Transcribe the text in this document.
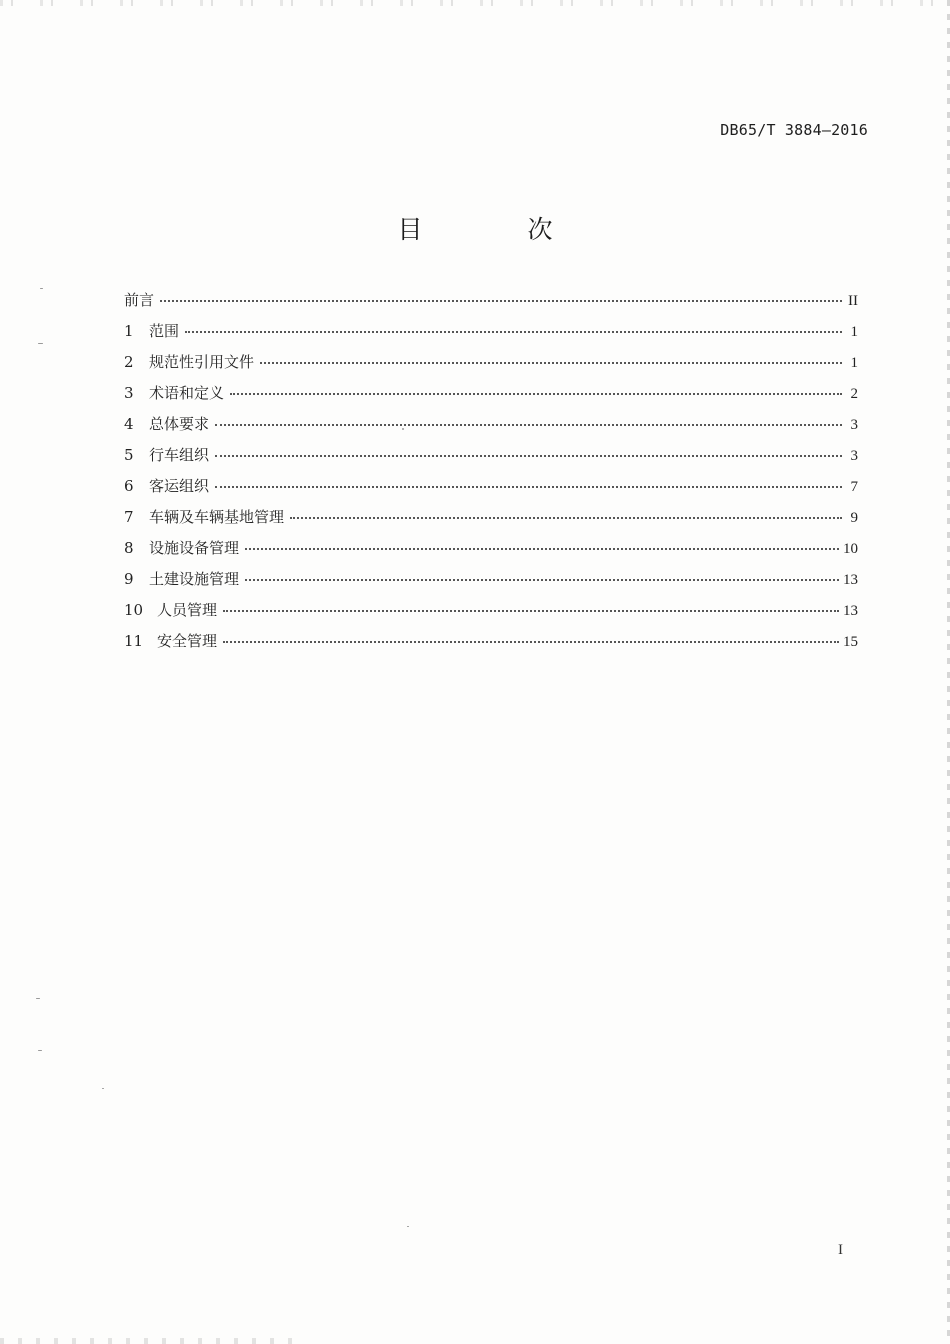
DB65/T 3884—2016
目　次
前言	II
1	范围	1
2	规范性引用文件	1
3	术语和定义	2
4	总体要求	3
5	行车组织	3
6	客运组织	7
7	车辆及车辆基地管理	9
8	设施设备管理	10
9	土建设施管理	13
10 人员管理	13
11 安全管理	15
I
